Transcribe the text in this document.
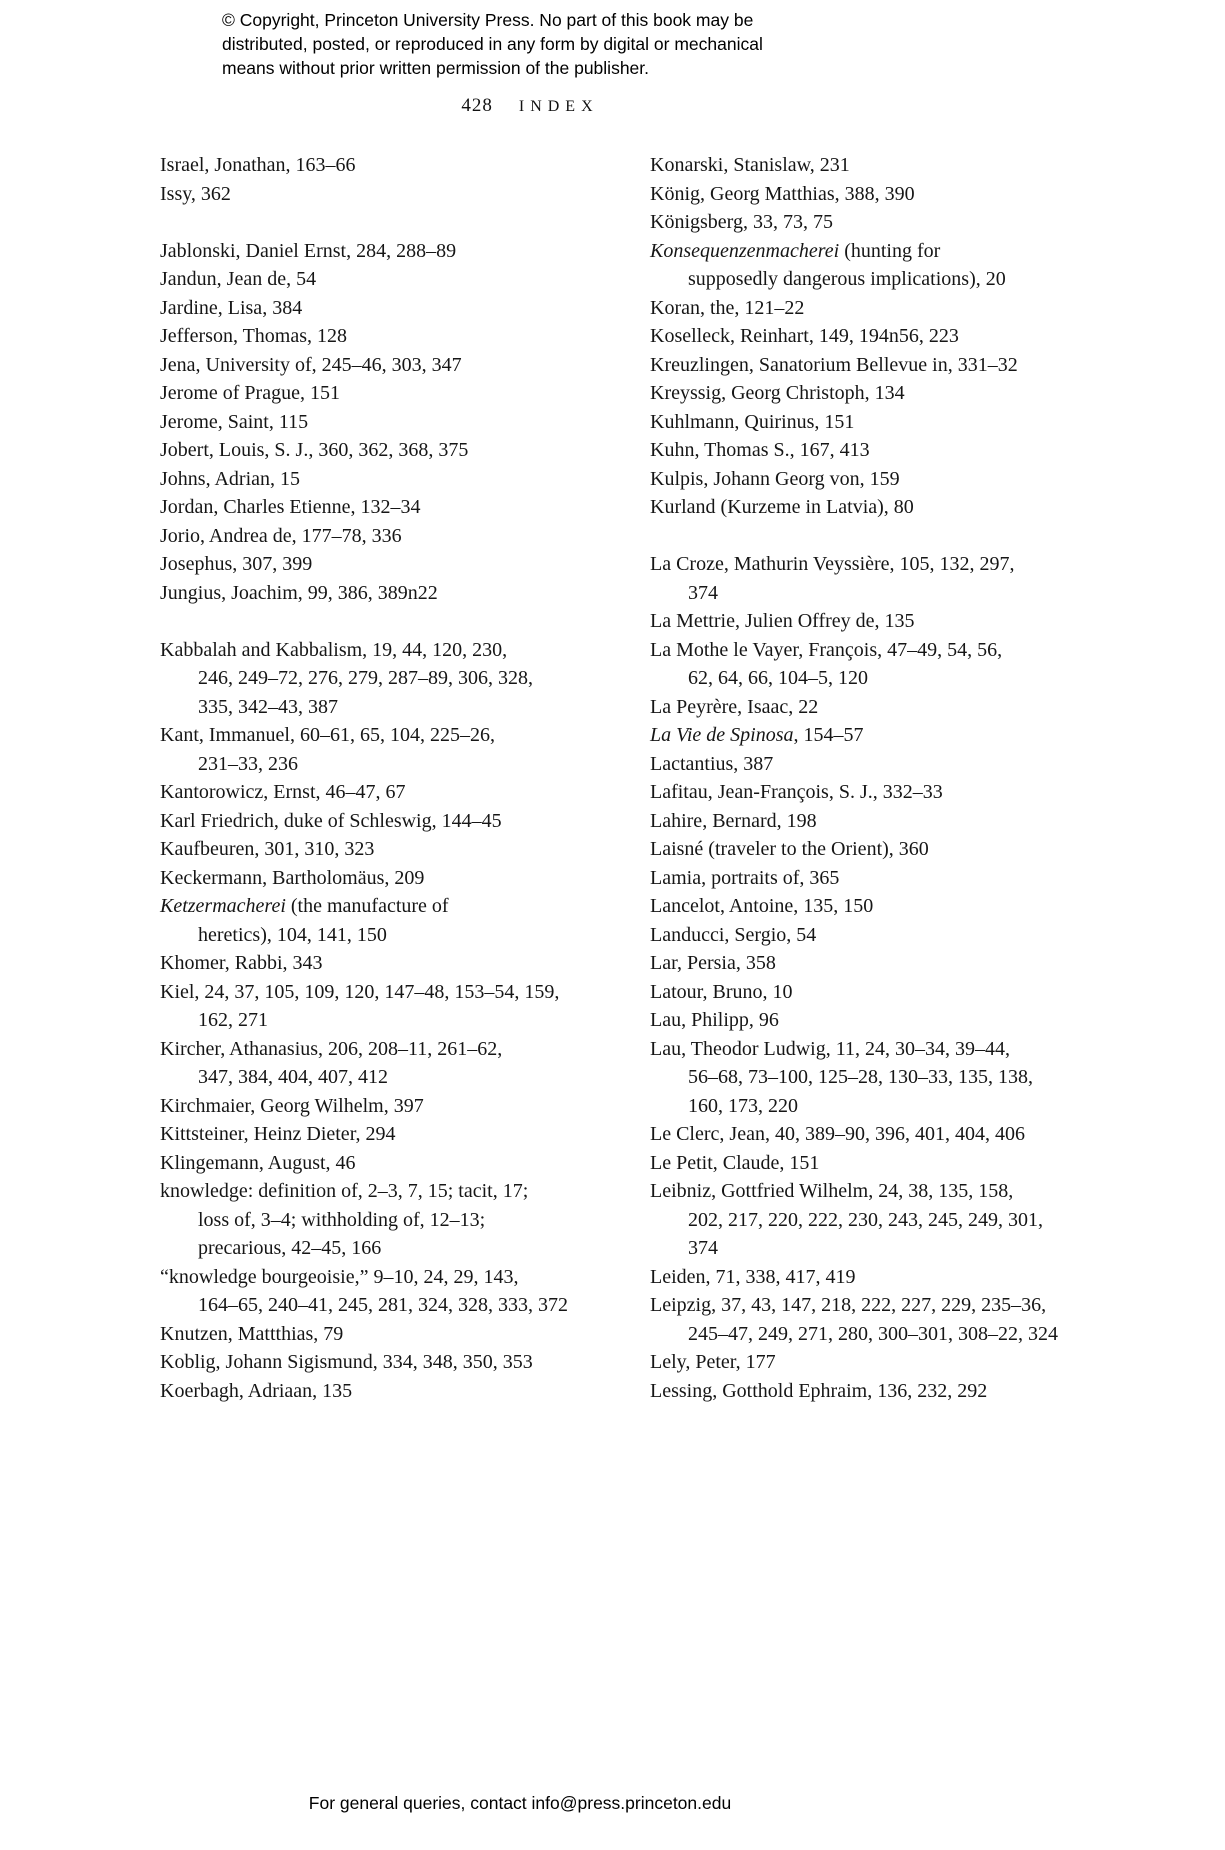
© Copyright, Princeton University Press. No part of this book may be
distributed, posted, or reproduced in any form by digital or mechanical
means without prior written permission of the publisher.
428 INDEX
Israel, Jonathan, 163–66
Issy, 362
Jablonski, Daniel Ernst, 284, 288–89
Jandun, Jean de, 54
Jardine, Lisa, 384
Jefferson, Thomas, 128
Jena, University of, 245–46, 303, 347
Jerome of Prague, 151
Jerome, Saint, 115
Jobert, Louis, S. J., 360, 362, 368, 375
Johns, Adrian, 15
Jordan, Charles Etienne, 132–34
Jorio, Andrea de, 177–78, 336
Josephus, 307, 399
Jungius, Joachim, 99, 386, 389n22
Kabbalah and Kabbalism, 19, 44, 120, 230,
246, 249–72, 276, 279, 287–89, 306, 328,
335, 342–43, 387
Kant, Immanuel, 60–61, 65, 104, 225–26,
231–33, 236
Kantorowicz, Ernst, 46–47, 67
Karl Friedrich, duke of Schleswig, 144–45
Kaufbeuren, 301, 310, 323
Keckermann, Bartholomäus, 209
Ketzermacherei (the manufacture of
heretics), 104, 141, 150
Khomer, Rabbi, 343
Kiel, 24, 37, 105, 109, 120, 147–48, 153–54, 159,
162, 271
Kircher, Athanasius, 206, 208–11, 261–62,
347, 384, 404, 407, 412
Kirchmaier, Georg Wilhelm, 397
Kittsteiner, Heinz Dieter, 294
Klingemann, August, 46
knowledge: definition of, 2–3, 7, 15; tacit, 17;
loss of, 3–4; withholding of, 12–13;
precarious, 42–45, 166
“knowledge bourgeoisie,” 9–10, 24, 29, 143,
164–65, 240–41, 245, 281, 324, 328, 333, 372
Knutzen, Mattthias, 79
Koblig, Johann Sigismund, 334, 348, 350, 353
Koerbagh, Adriaan, 135
Konarski, Stanislaw, 231
König, Georg Matthias, 388, 390
Königsberg, 33, 73, 75
Konsequenzenmacherei (hunting for
supposedly dangerous implications), 20
Koran, the, 121–22
Koselleck, Reinhart, 149, 194n56, 223
Kreuzlingen, Sanatorium Bellevue in, 331–32
Kreyssig, Georg Christoph, 134
Kuhlmann, Quirinus, 151
Kuhn, Thomas S., 167, 413
Kulpis, Johann Georg von, 159
Kurland (Kurzeme in Latvia), 80
La Croze, Mathurin Veyssière, 105, 132, 297,
374
La Mettrie, Julien Offrey de, 135
La Mothe le Vayer, François, 47–49, 54, 56,
62, 64, 66, 104–5, 120
La Peyrère, Isaac, 22
La Vie de Spinosa, 154–57
Lactantius, 387
Lafitau, Jean-François, S. J., 332–33
Lahire, Bernard, 198
Laisné (traveler to the Orient), 360
Lamia, portraits of, 365
Lancelot, Antoine, 135, 150
Landucci, Sergio, 54
Lar, Persia, 358
Latour, Bruno, 10
Lau, Philipp, 96
Lau, Theodor Ludwig, 11, 24, 30–34, 39–44,
56–68, 73–100, 125–28, 130–33, 135, 138,
160, 173, 220
Le Clerc, Jean, 40, 389–90, 396, 401, 404, 406
Le Petit, Claude, 151
Leibniz, Gottfried Wilhelm, 24, 38, 135, 158,
202, 217, 220, 222, 230, 243, 245, 249, 301,
374
Leiden, 71, 338, 417, 419
Leipzig, 37, 43, 147, 218, 222, 227, 229, 235–36,
245–47, 249, 271, 280, 300–301, 308–22, 324
Lely, Peter, 177
Lessing, Gotthold Ephraim, 136, 232, 292
For general queries, contact info@press.princeton.edu
